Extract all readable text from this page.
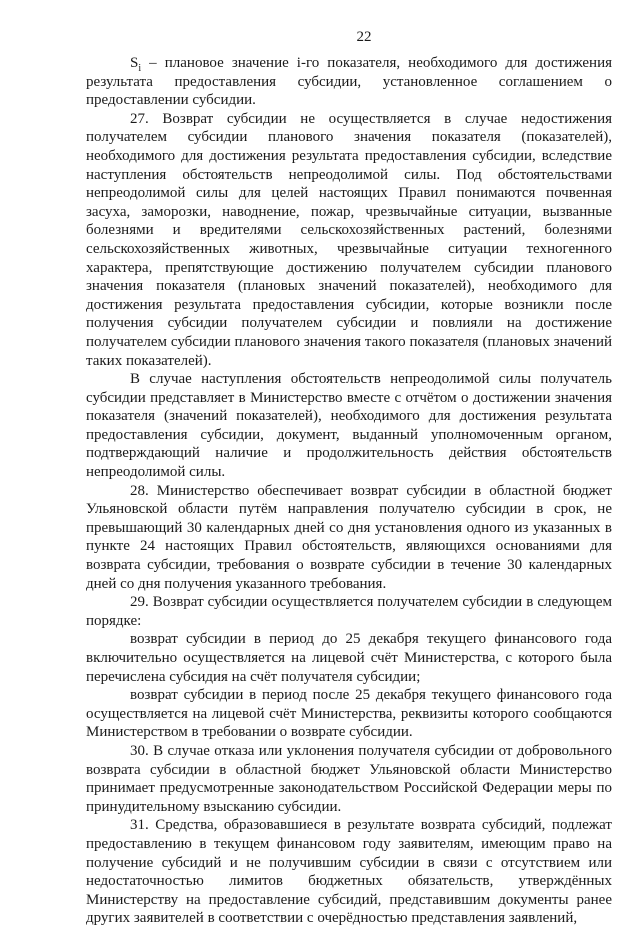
22

$S_i$ – плановое значение i-го показателя, необходимого для достижения результата предоставления субсидии, установленное соглашением о предоставлении субсидии.

27. Возврат субсидии не осуществляется в случае недостижения получателем субсидии планового значения показателя (показателей), необходимого для достижения результата предоставления субсидии, вследствие наступления обстоятельств непреодолимой силы. Под обстоятельствами непреодолимой силы для целей настоящих Правил понимаются почвенная засуха, заморозки, наводнение, пожар, чрезвычайные ситуации, вызванные болезнями и вредителями сельскохозяйственных растений, болезнями сельскохозяйственных животных, чрезвычайные ситуации техногенного характера, препятствующие достижению получателем субсидии планового значения показателя (плановых значений показателей), необходимого для достижения результата предоставления субсидии, которые возникли после получения субсидии получателем субсидии и повлияли на достижение получателем субсидии планового значения такого показателя (плановых значений таких показателей).

В случае наступления обстоятельств непреодолимой силы получатель субсидии представляет в Министерство вместе с отчётом о достижении значения показателя (значений показателей), необходимого для достижения результата предоставления субсидии, документ, выданный уполномоченным органом, подтверждающий наличие и продолжительность действия обстоятельств непреодолимой силы.

28. Министерство обеспечивает возврат субсидии в областной бюджет Ульяновской области путём направления получателю субсидии в срок, не превышающий 30 календарных дней со дня установления одного из указанных в пункте 24 настоящих Правил обстоятельств, являющихся основаниями для возврата субсидии, требования о возврате субсидии в течение 30 календарных дней со дня получения указанного требования.

29. Возврат субсидии осуществляется получателем субсидии в следующем порядке:

возврат субсидии в период до 25 декабря текущего финансового года включительно осуществляется на лицевой счёт Министерства, с которого была перечислена субсидия на счёт получателя субсидии;

возврат субсидии в период после 25 декабря текущего финансового года осуществляется на лицевой счёт Министерства, реквизиты которого сообщаются Министерством в требовании о возврате субсидии.

30. В случае отказа или уклонения получателя субсидии от добровольного возврата субсидии в областной бюджет Ульяновской области Министерство принимает предусмотренные законодательством Российской Федерации меры по принудительному взысканию субсидии.

31. Средства, образовавшиеся в результате возврата субсидий, подлежат предоставлению в текущем финансовом году заявителям, имеющим право на получение субсидий и не получившим субсидии в связи с отсутствием или недостаточностью лимитов бюджетных обязательств, утверждённых Министерству на предоставление субсидий, представившим документы ранее других заявителей в соответствии с очерёдностью представления заявлений,
